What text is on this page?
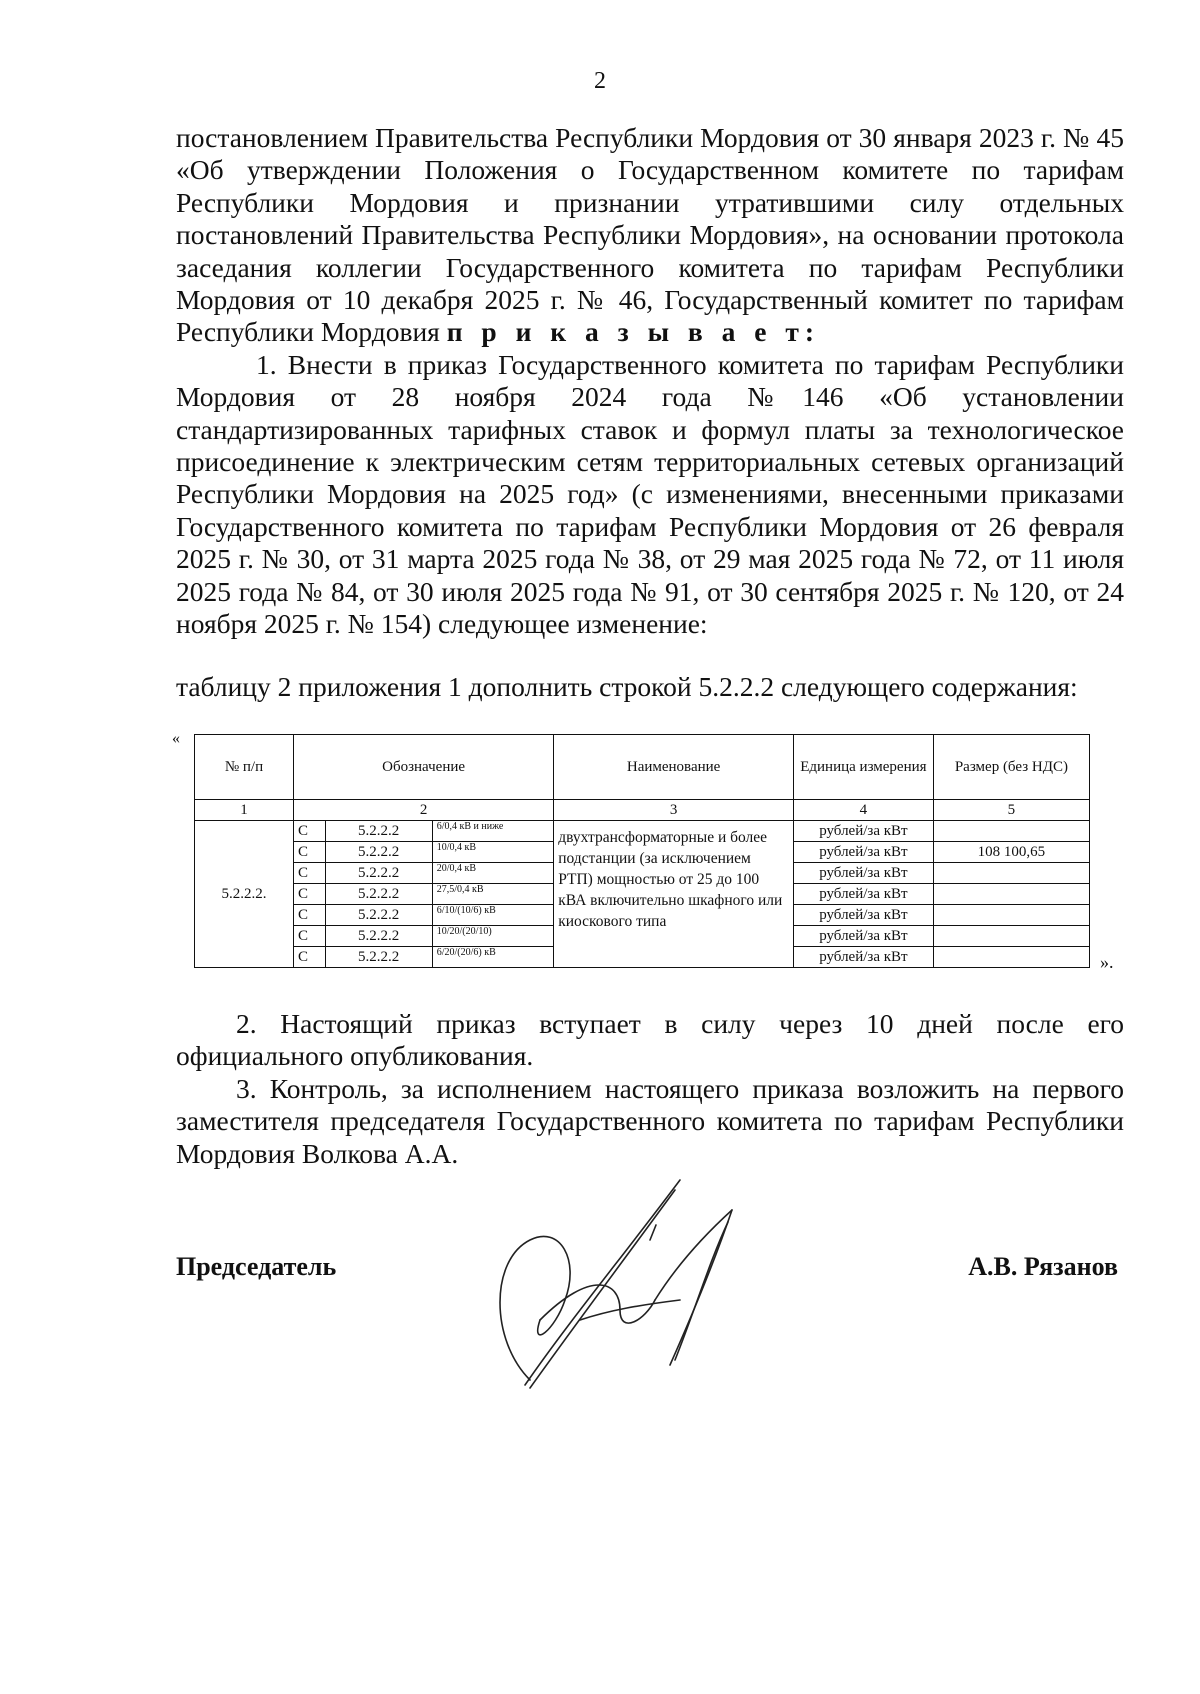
2

постановлением Правительства Республики Мордовия от 30 января 2023 г. № 45 «Об утверждении Положения о Государственном комитете по тарифам Республики Мордовия и признании утратившими силу отдельных постановлений Правительства Республики Мордовия», на основании протокола заседания коллегии Государственного комитета по тарифам Республики Мордовия от 10 декабря 2025 г. № 46, Государственный комитет по тарифам Республики Мордовия п р и к а з ы в а е т:

1. Внести в приказ Государственного комитета по тарифам Республики Мордовия от 28 ноября 2024 года №146 «Об установлении стандартизированных тарифных ставок и формул платы за технологическое присоединение к электрическим сетям территориальных сетевых организаций Республики Мордовия на 2025 год» (с изменениями, внесенными приказами Государственного комитета по тарифам Республики Мордовия от 26 февраля 2025 г. № 30, от 31 марта 2025 года № 38, от 29 мая 2025 года № 72, от 11 июля 2025 года № 84, от 30 июля 2025 года № 91, от 30 сентября 2025 г. № 120, от 24 ноября 2025 г. № 154) следующее изменение:

таблицу 2 приложения 1 дополнить строкой 5.2.2.2 следующего содержания:

«
№ п/п	Обозначение			Наименование	Единица измерения	Размер (без НДС)
1	2			3	4	5
5.2.2.2.	С	5.2.2.2	6/0,4 кВ и ниже	двухтрансформаторные и более подстанции (за исключением РТП) мощностью от 25 до 100 кВА включительно шкафного или киоскового типа	рублей/за кВт	
	С	5.2.2.2	10/0,4 кВ		рублей/за кВт	108 100,65
	С	5.2.2.2	20/0,4 кВ		рублей/за кВт	
	С	5.2.2.2	27,5/0,4 кВ		рублей/за кВт	
	С	5.2.2.2	6/10/(10/6) кВ		рублей/за кВт	
	С	5.2.2.2	10/20/(20/10)		рублей/за кВт	
	С	5.2.2.2	6/20/(20/6) кВ		рублей/за кВт		».

2. Настоящий приказ вступает в силу через 10 дней после его официального опубликования.

3. Контроль, за исполнением настоящего приказа возложить на первого заместителя председателя Государственного комитета по тарифам Республики Мордовия Волкова А.А.

Председатель	А.В. Рязанов
